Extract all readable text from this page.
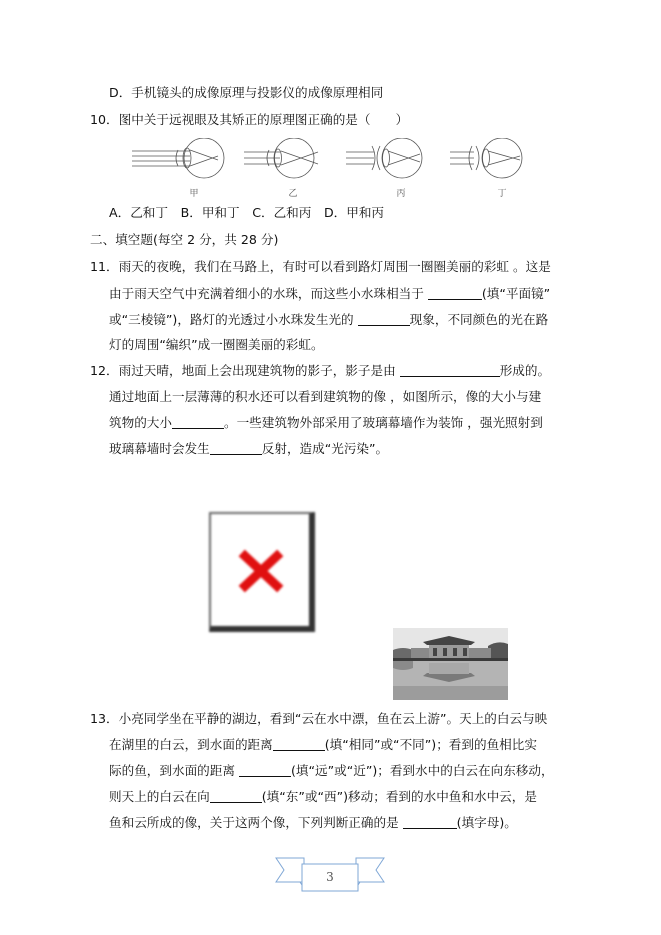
D．手机镜头的成像原理与投影仪的成像原理相同
10．图中关于远视眼及其矫正的原理图正确的是（　　）
甲	乙	丙	丁
A．乙和丁　B．甲和丁　C．乙和丙　D．甲和丙
二、填空题(每空 2 分，共 28 分)
11．雨天的夜晚，我们在马路上，有时可以看到路灯周围一圈圈美丽的彩虹 。这是
由于雨天空气中充满着细小的水珠，而这些小水珠相当于	(填“平面镜”
或“三棱镜”)，路灯的光透过小水珠发生光的	现象，不同颜色的光在路
灯的周围“编织”成一圈圈美丽的彩虹。
12．雨过天晴，地面上会出现建筑物的影子，影子是由	形成的。
通过地面上一层薄薄的积水还可以看到建筑物的像 ，如图所示，像的大小与建
筑物的大小	。一些建筑物外部采用了玻璃幕墙作为装饰 ，强光照射到
玻璃幕墙时会发生	反射，造成“光污染”。
13．小亮同学坐在平静的湖边，看到“云在水中漂，鱼在云上游”。天上的白云与映
在湖里的白云，到水面的距离	(填“相同”或“不同”)；看到的鱼相比实
际的鱼，到水面的距离	(填“远”或“近”)；看到水中的白云在向东移动，
则天上的白云在向	(填“东”或“西”)移动；看到的水中鱼和水中云，是
鱼和云所成的像，关于这两个像，下列判断正确的是	(填字母)。
3
